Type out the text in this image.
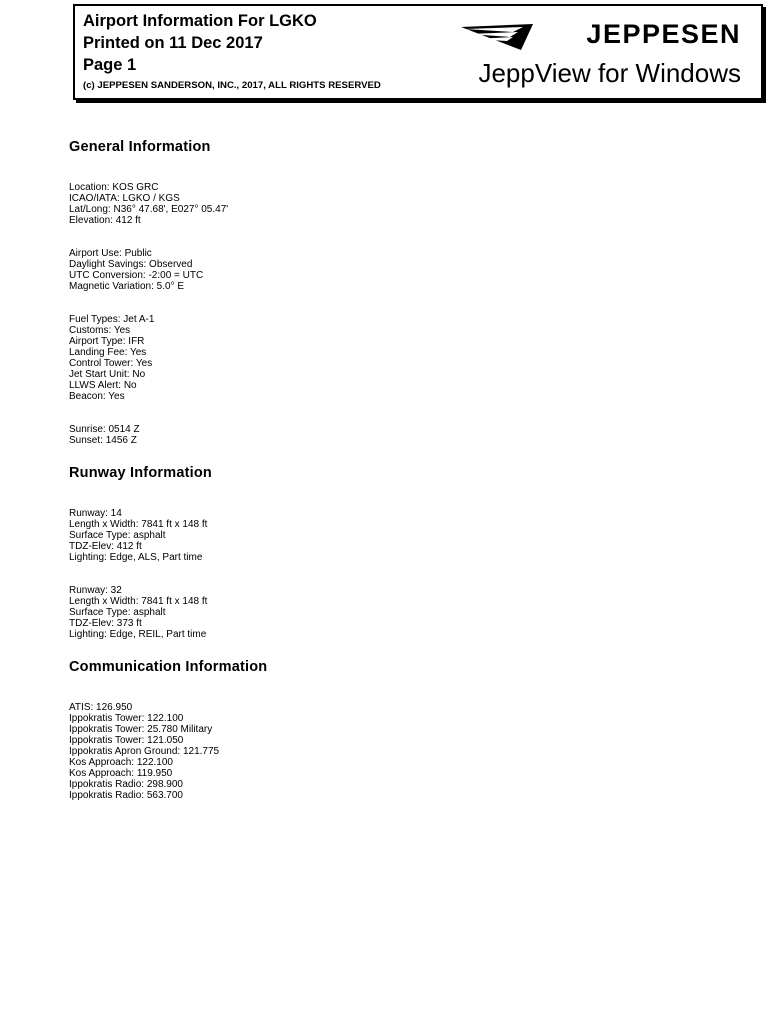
Airport Information For LGKO
Printed on 11 Dec 2017
Page 1
(c) JEPPESEN SANDERSON, INC., 2017, ALL RIGHTS RESERVED
JEPPESEN
JeppView for Windows
General Information
Location: KOS GRC
ICAO/IATA: LGKO / KGS
Lat/Long: N36° 47.68', E027° 05.47'
Elevation: 412 ft
Airport Use: Public
Daylight Savings: Observed
UTC Conversion: -2:00 = UTC
Magnetic Variation: 5.0° E
Fuel Types: Jet A-1
Customs: Yes
Airport Type: IFR
Landing Fee: Yes
Control Tower: Yes
Jet Start Unit: No
LLWS Alert: No
Beacon: Yes
Sunrise: 0514 Z
Sunset: 1456 Z
Runway Information
Runway: 14
Length x Width: 7841 ft x 148 ft
Surface Type: asphalt
TDZ-Elev: 412 ft
Lighting: Edge, ALS, Part time
Runway: 32
Length x Width: 7841 ft x 148 ft
Surface Type: asphalt
TDZ-Elev: 373 ft
Lighting: Edge, REIL, Part time
Communication Information
ATIS: 126.950
Ippokratis Tower: 122.100
Ippokratis Tower: 25.780 Military
Ippokratis Tower: 121.050
Ippokratis Apron Ground: 121.775
Kos Approach: 122.100
Kos Approach: 119.950
Ippokratis Radio: 298.900
Ippokratis Radio: 563.700
